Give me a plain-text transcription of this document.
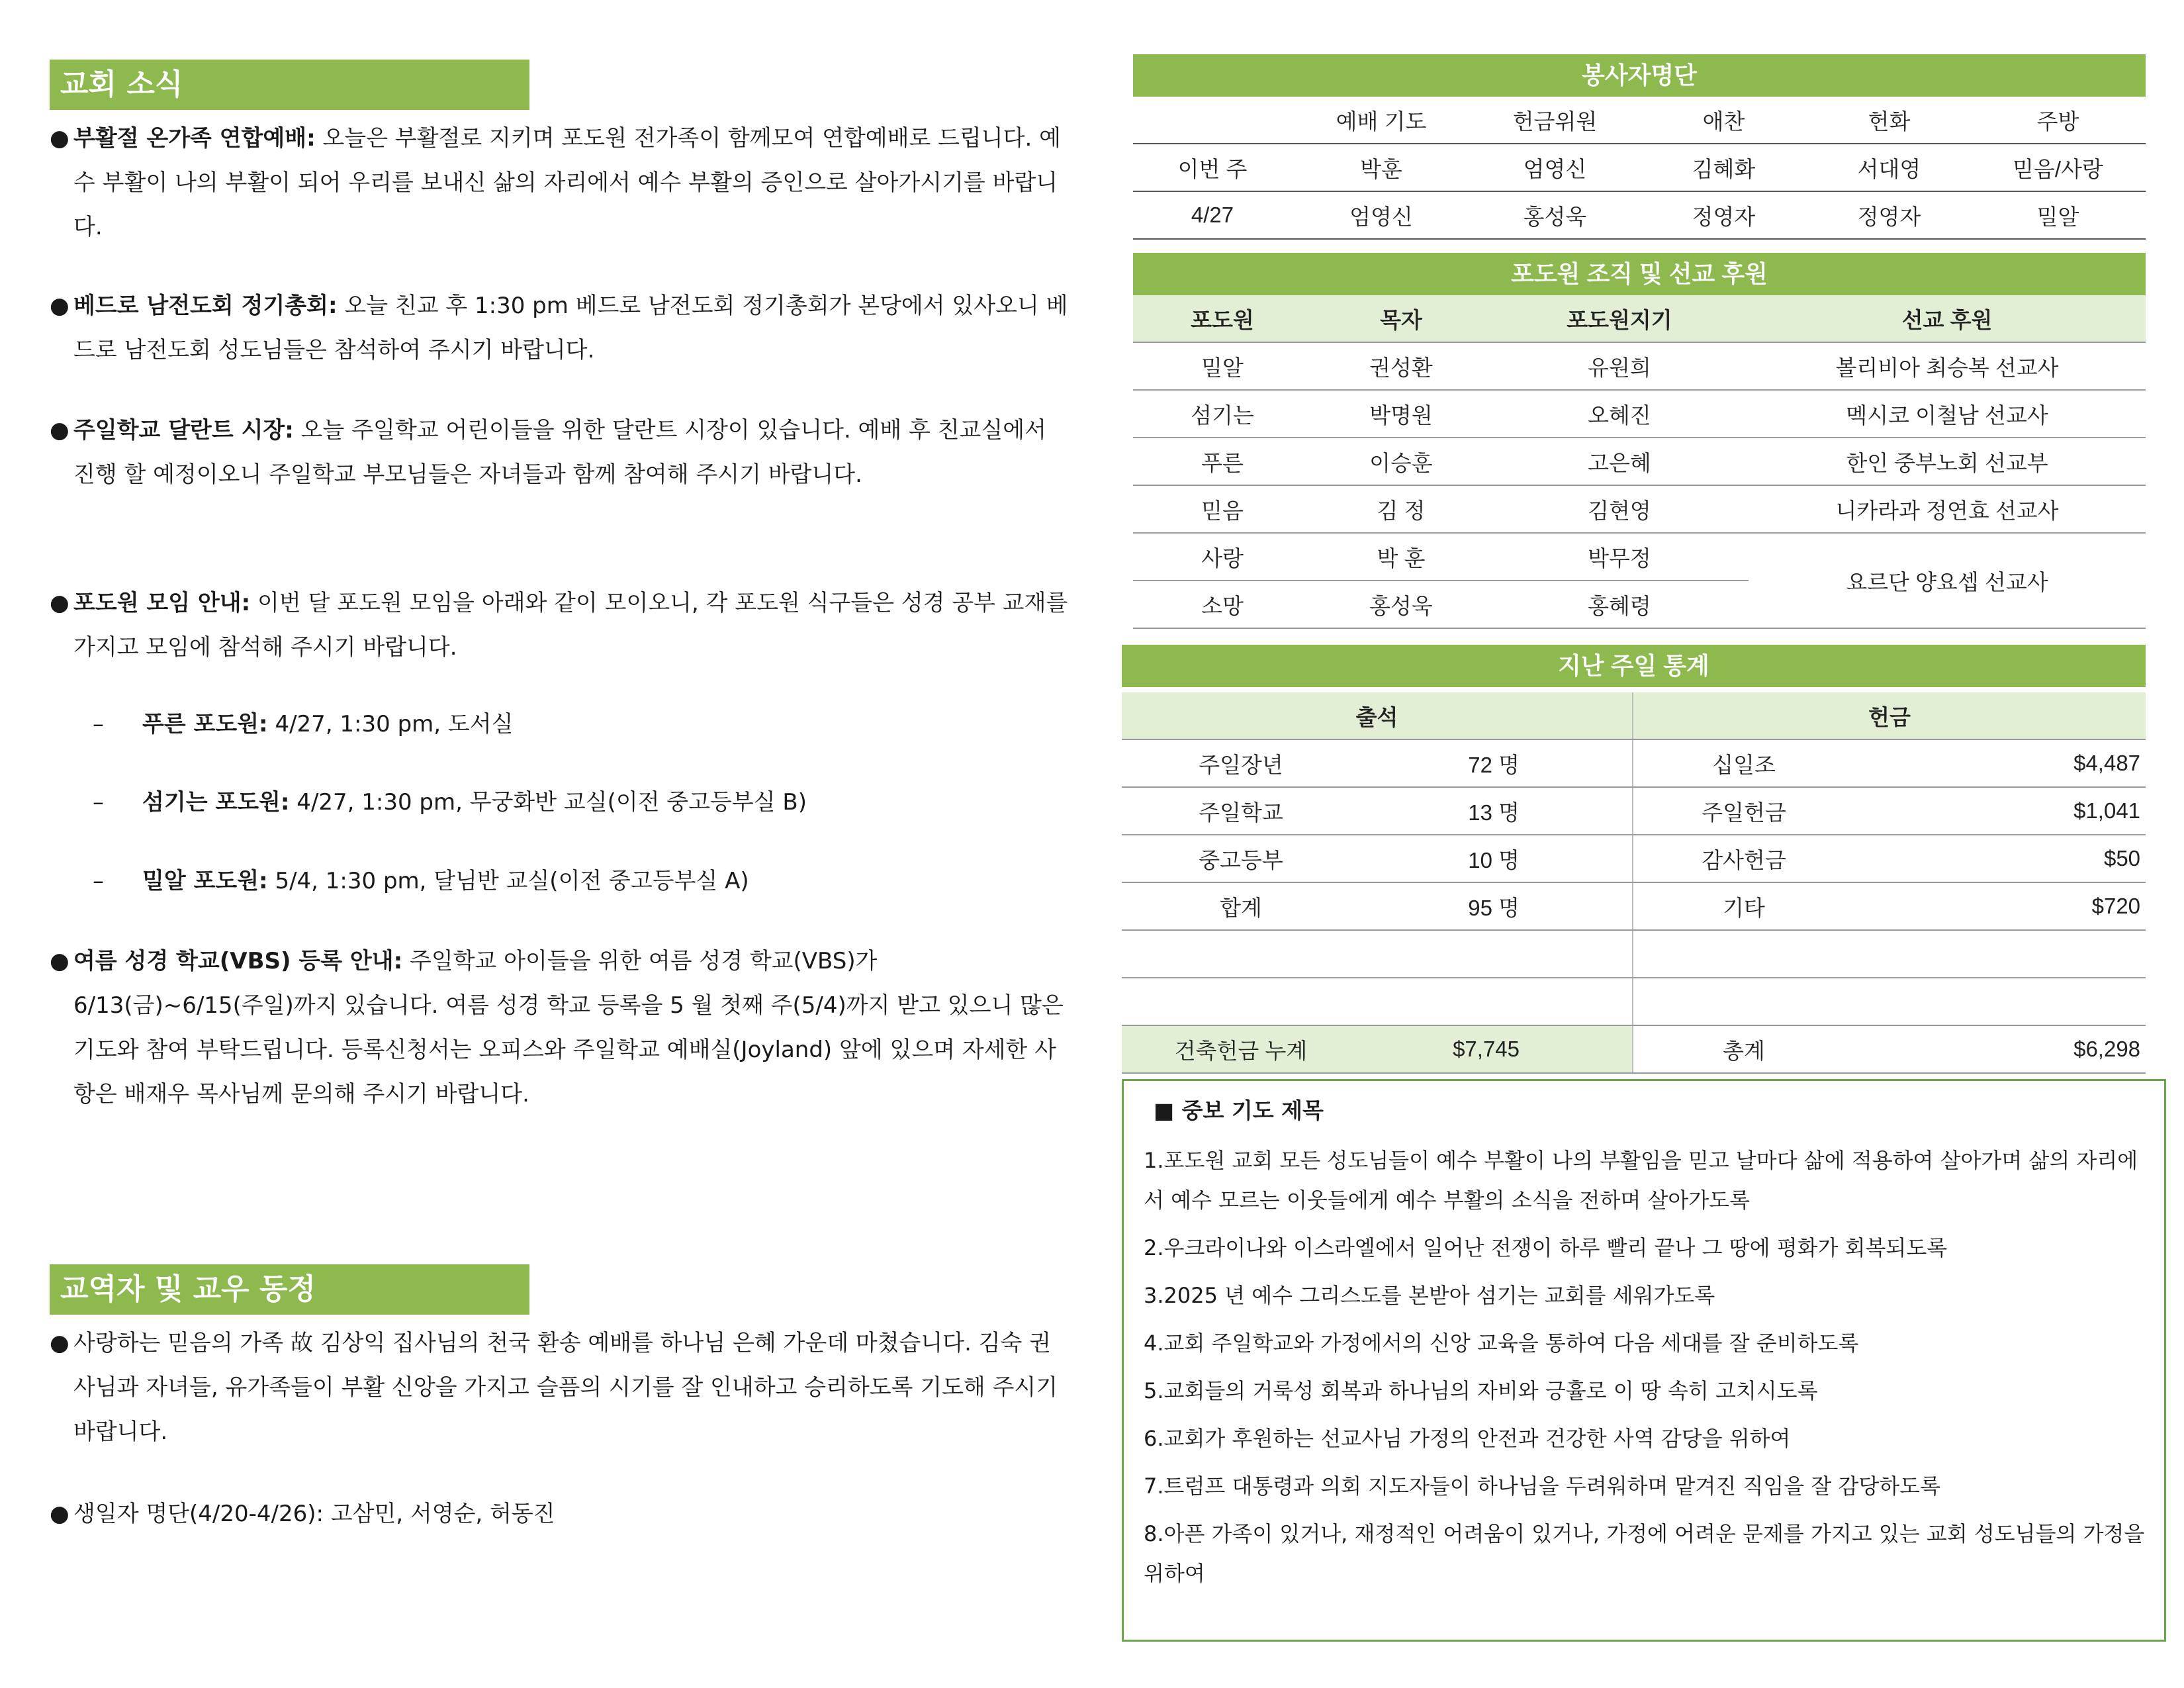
교회 소식
● 부활절 온가족 연합예배: 오늘은 부활절로 지키며 포도원 전가족이 함께모여 연합예배로 드립니다. 예수 부활이 나의 부활이 되어 우리를 보내신 삶의 자리에서 예수 부활의 증인으로 살아가시기를 바랍니다.
● 베드로 남전도회 정기총회: 오늘 친교 후 1:30 pm 베드로 남전도회 정기총회가 본당에서 있사오니 베드로 남전도회 성도님들은 참석하여 주시기 바랍니다.
● 주일학교 달란트 시장: 오늘 주일학교 어린이들을 위한 달란트 시장이 있습니다. 예배 후 친교실에서 진행 할 예정이오니 주일학교 부모님들은 자녀들과 함께 참여해 주시기 바랍니다.
● 포도원 모임 안내: 이번 달 포도원 모임을 아래와 같이 모이오니, 각 포도원 식구들은 성경 공부 교재를 가지고 모임에 참석해 주시기 바랍니다.
– 푸른 포도원: 4/27, 1:30 pm, 도서실
– 섬기는 포도원: 4/27, 1:30 pm, 무궁화반 교실(이전 중고등부실 B)
– 밀알 포도원: 5/4, 1:30 pm, 달님반 교실(이전 중고등부실 A)
● 여름 성경 학교(VBS) 등록 안내: 주일학교 아이들을 위한 여름 성경 학교(VBS)가 6/13(금)~6/15(주일)까지 있습니다. 여름 성경 학교 등록을 5 월 첫째 주(5/4)까지 받고 있으니 많은 기도와 참여 부탁드립니다. 등록신청서는 오피스와 주일학교 예배실(Joyland) 앞에 있으며 자세한 사항은 배재우 목사님께 문의해 주시기 바랍니다.
교역자 및 교우 동정
● 사랑하는 믿음의 가족 故 김상익 집사님의 천국 환송 예배를 하나님 은혜 가운데 마쳤습니다. 김숙 권사님과 자녀들, 유가족들이 부활 신앙을 가지고 슬픔의 시기를 잘 인내하고 승리하도록 기도해 주시기 바랍니다.
● 생일자 명단(4/20-4/26): 고삼민, 서영순, 허동진
봉사자명단
	예배 기도	헌금위원	애찬	헌화	주방
이번 주	박훈	엄영신	김혜화	서대영	믿음/사랑
4/27	엄영신	홍성욱	정영자	정영자	밀알
포도원 조직 및 선교 후원
포도원	목자	포도원지기	선교 후원
밀알	권성환	유원희	볼리비아 최승복 선교사
섬기는	박명원	오혜진	멕시코 이철남 선교사
푸른	이승훈	고은혜	한인 중부노회 선교부
믿음	김 정	김현영	니카라과 정연효 선교사
사랑	박 훈	박무정	요르단 양요셉 선교사
소망	홍성욱	홍혜령	
지난 주일 통계
출석		헌금	
주일장년	72 명	십일조	$4,487
주일학교	13 명	주일헌금	$1,041
중고등부	10 명	감사헌금	$50
합계	95 명	기타	$720

건축헌금 누계	$7,745	총계	$6,298
■ 중보 기도 제목
1.포도원 교회 모든 성도님들이 예수 부활이 나의 부활임을 믿고 날마다 삶에 적용하여 살아가며 삶의 자리에서 예수 모르는 이웃들에게 예수 부활의 소식을 전하며 살아가도록
2.우크라이나와 이스라엘에서 일어난 전쟁이 하루 빨리 끝나 그 땅에 평화가 회복되도록
3.2025 년 예수 그리스도를 본받아 섬기는 교회를 세워가도록
4.교회 주일학교와 가정에서의 신앙 교육을 통하여 다음 세대를 잘 준비하도록
5.교회들의 거룩성 회복과 하나님의 자비와 긍휼로 이 땅 속히 고치시도록
6.교회가 후원하는 선교사님 가정의 안전과 건강한 사역 감당을 위하여
7.트럼프 대통령과 의회 지도자들이 하나님을 두려워하며 맡겨진 직임을 잘 감당하도록
8.아픈 가족이 있거나, 재정적인 어려움이 있거나, 가정에 어려운 문제를 가지고 있는 교회 성도님들의 가정을 위하여
